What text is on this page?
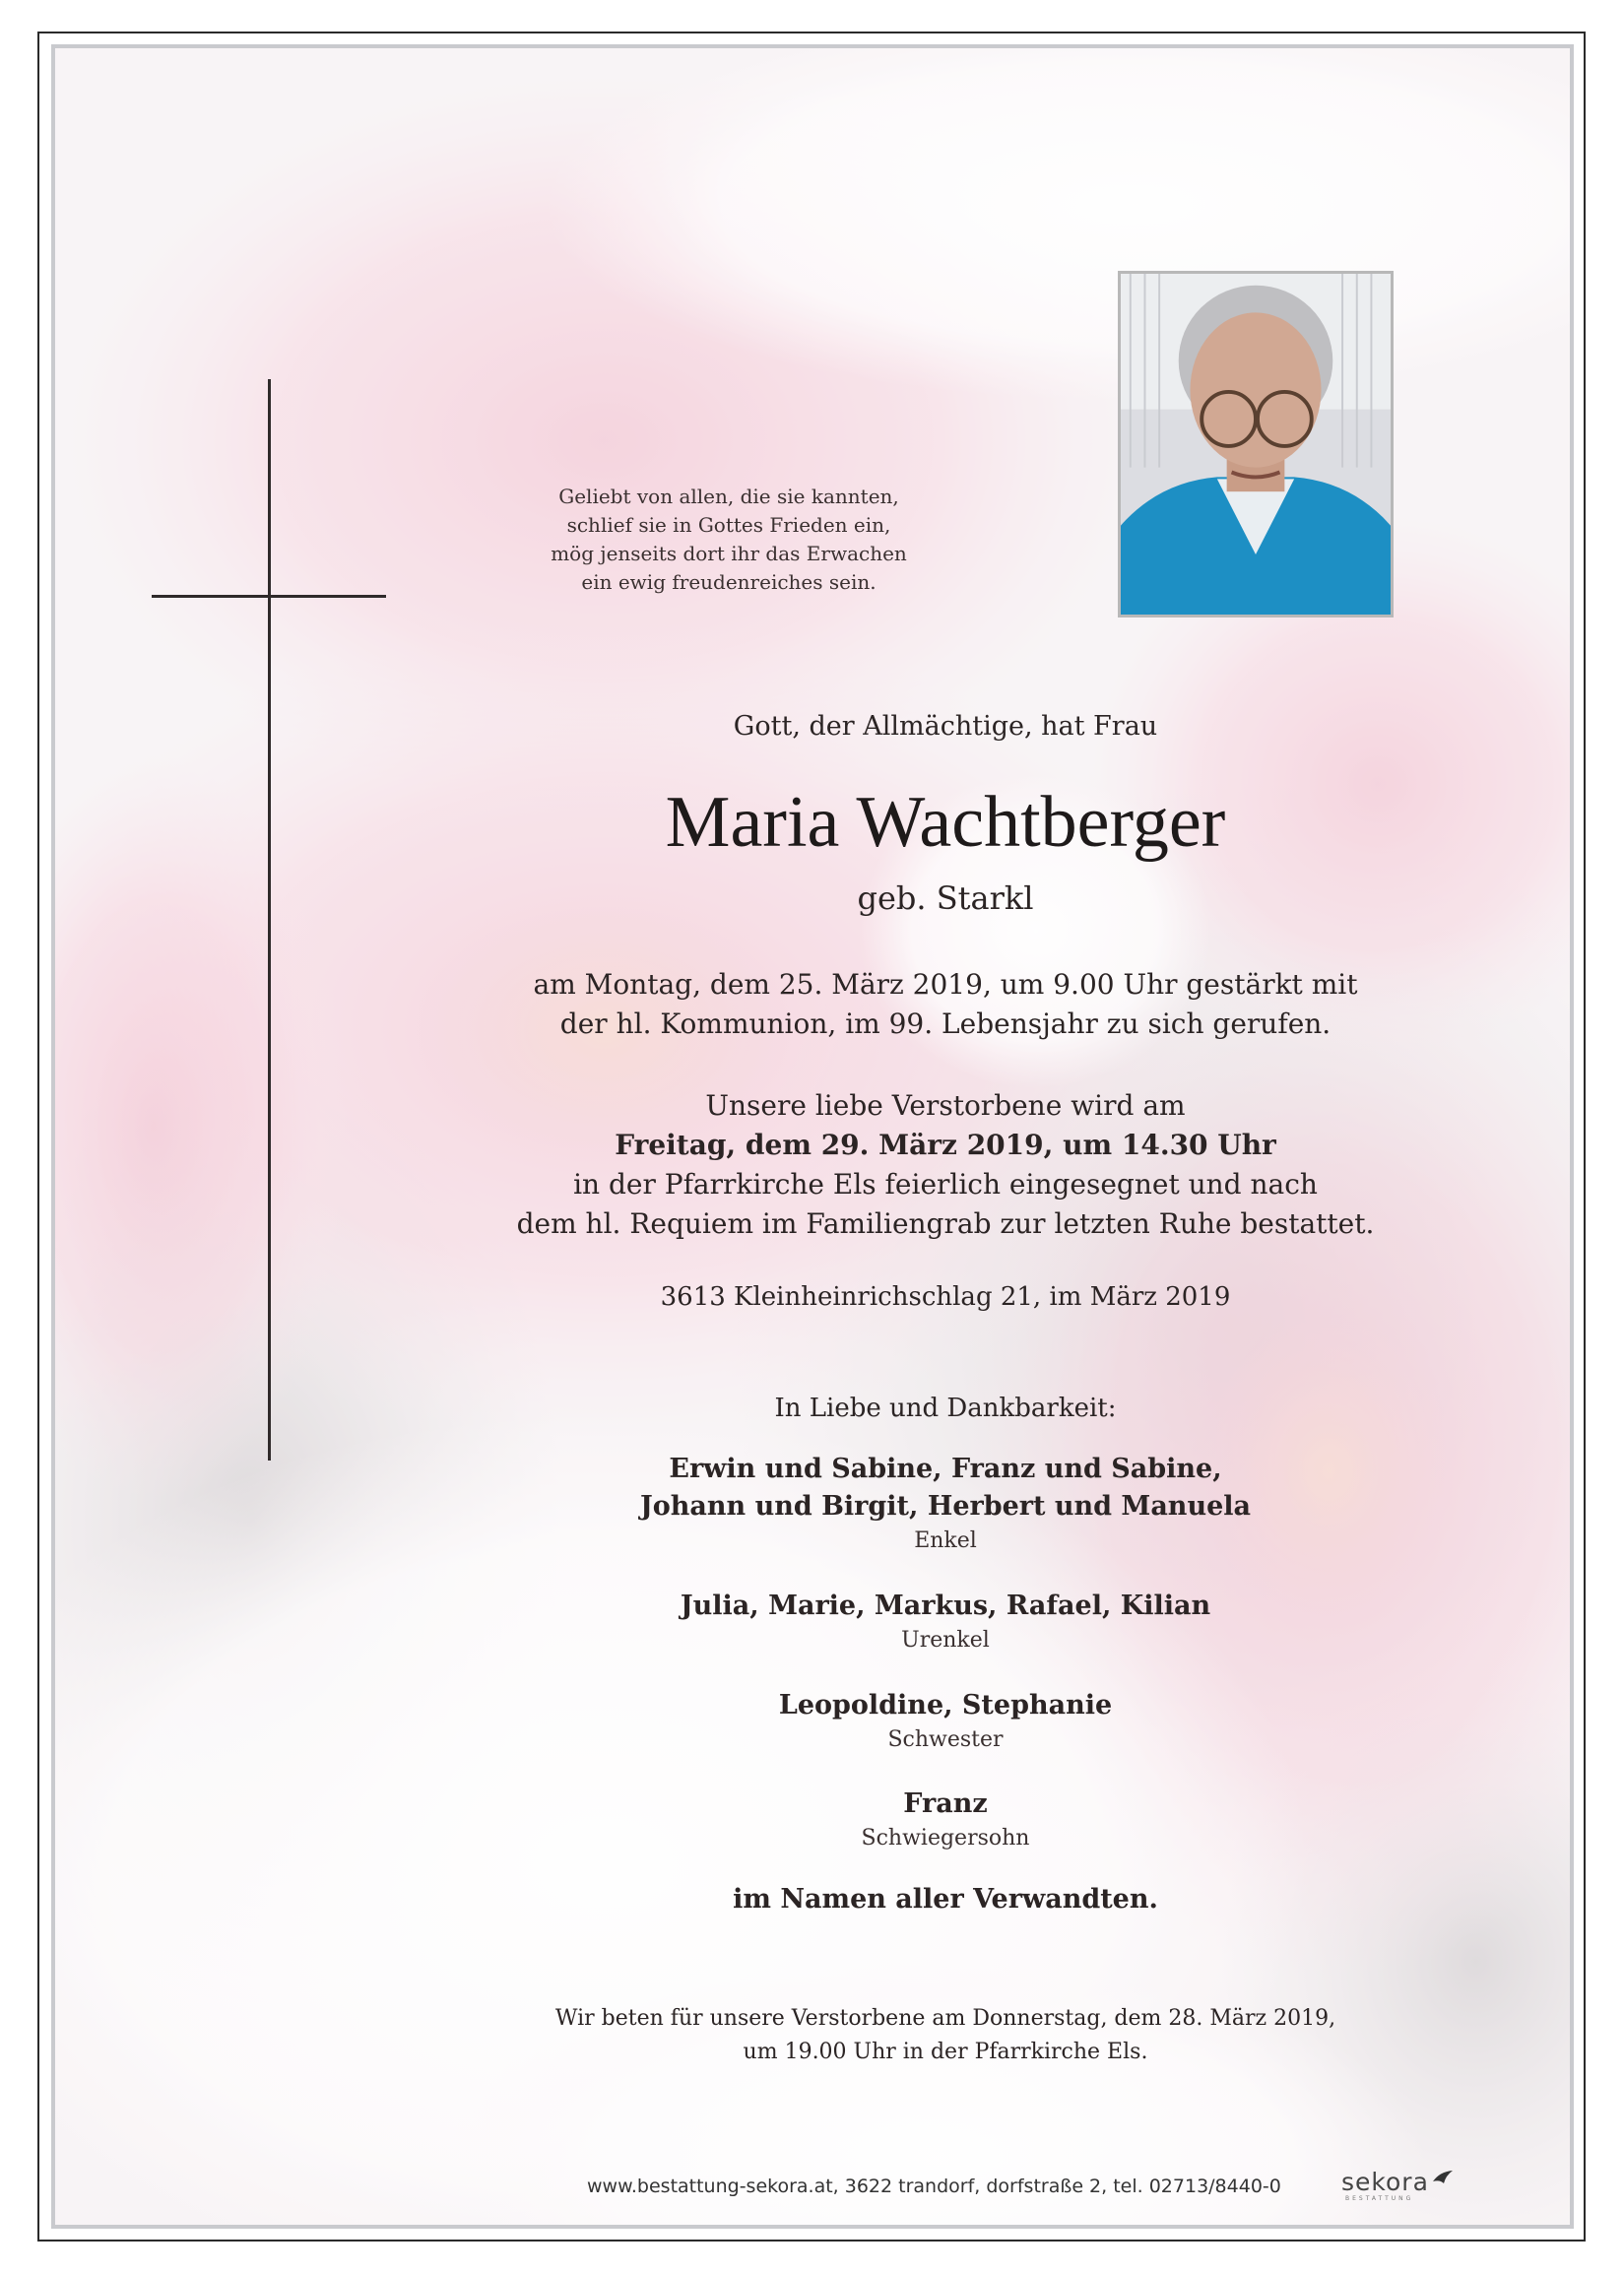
Geliebt von allen, die sie kannten,
schlief sie in Gottes Frieden ein,
mög jenseits dort ihr das Erwachen
ein ewig freudenreiches sein.
Gott, der Allmächtige, hat Frau
Maria Wachtberger
geb. Starkl
am Montag, dem 25. März 2019, um 9.00 Uhr gestärkt mit
der hl. Kommunion, im 99. Lebensjahr zu sich gerufen.
Unsere liebe Verstorbene wird am
Freitag, dem 29. März 2019, um 14.30 Uhr
in der Pfarrkirche Els feierlich eingesegnet und nach
dem hl. Requiem im Familiengrab zur letzten Ruhe bestattet.
3613 Kleinheinrichschlag 21, im März 2019
In Liebe und Dankbarkeit:
Erwin und Sabine, Franz und Sabine,
Johann und Birgit, Herbert und Manuela
Enkel
Julia, Marie, Markus, Rafael, Kilian
Urenkel
Leopoldine, Stephanie
Schwester
Franz
Schwiegersohn
im Namen aller Verwandten.
Wir beten für unsere Verstorbene am Donnerstag, dem 28. März 2019,
um 19.00 Uhr in der Pfarrkirche Els.
www.bestattung-sekora.at, 3622 trandorf, dorfstraße 2, tel. 02713/8440-0 sekora
BESTATTUNG
